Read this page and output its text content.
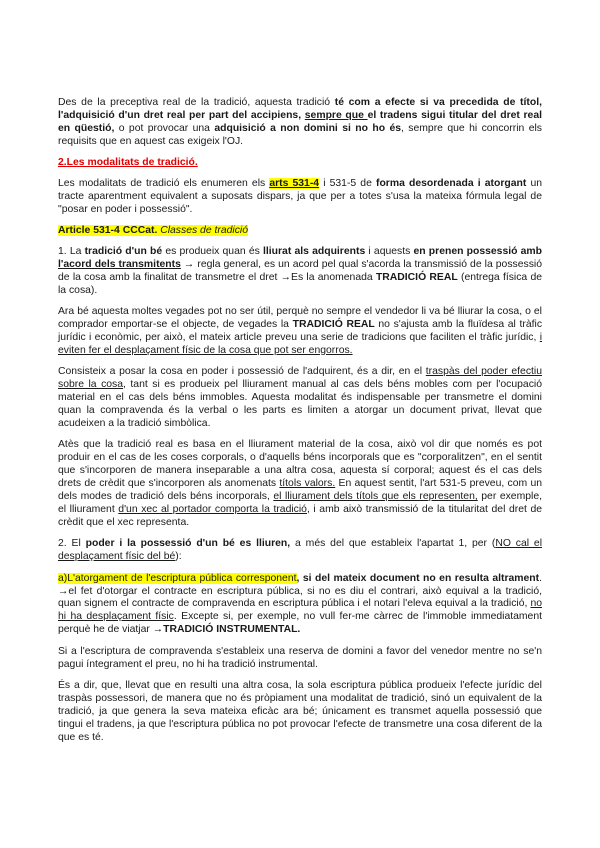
Des de la preceptiva real de la tradició, aquesta tradició té com a efecte si va precedida de títol, l'adquisició d'un dret real per part del accipiens, sempre que el tradens sigui titular del dret real en qüestió, o pot provocar una adquisició a non domini si no ho és, sempre que hi concorrin els requisits que en aquest cas exigeix l'OJ.

2.Les modalitats de tradició.

Les modalitats de tradició els enumeren els arts 531-4 i 531-5 de forma desordenada i atorgant un tracte aparentment equivalent a suposats dispars, ja que per a totes s'usa la mateixa fórmula legal de "posar en poder i possessió".

Article 531-4 CCCat. Classes de tradició

1. La tradició d'un bé es produeix quan és lliurat als adquirents i aquests en prenen possessió amb l'acord dels transmitents → regla general, es un acord pel qual s'acorda la transmissió de la possessió de la cosa amb la finalitat de transmetre el dret →Es la anomenada TRADICIÓ REAL (entrega física de la cosa).

Ara bé aquesta moltes vegades pot no ser útil, perquè no sempre el vendedor li va bé lliurar la cosa, o el comprador emportar-se el objecte, de vegades la TRADICIÓ REAL no s'ajusta amb la fluïdesa al tràfic jurídic i econòmic, per això, el mateix article preveu una serie de tradicions que faciliten el tràfic jurídic, i eviten fer el desplaçament físic de la cosa que pot ser engorros.

Consisteix a posar la cosa en poder i possessió de l'adquirent, és a dir, en el traspàs del poder efectiu sobre la cosa, tant si es produeix pel lliurament manual al cas dels béns mobles com per l'ocupació material en el cas dels béns immobles. Aquesta modalitat és indispensable per transmetre el domini quan la compravenda és la verbal o les parts es limiten a atorgar un document privat, llevat que acudeixen a la tradició simbòlica.

Atès que la tradició real es basa en el lliurament material de la cosa, això vol dir que només es pot produir en el cas de les coses corporals, o d'aquells béns incorporals que es "corporalitzen", en el sentit que s'incorporen de manera inseparable a una altra cosa, aquesta sí corporal; aquest és el cas dels drets de crèdit que s'incorporen als anomenats títols valors. En aquest sentit, l'art 531-5 preveu, com un dels modes de tradició dels béns incorporals, el lliurament dels títols que els representen, per exemple, el lliurament d'un xec al portador comporta la tradició, i amb això transmissió de la titularitat del dret de crèdit que el xec representa.

2. El poder i la possessió d'un bé es lliuren, a més del que estableix l'apartat 1, per (NO cal el desplaçament físic del bé):

a)L'atorgament de l'escriptura pública corresponent, si del mateix document no en resulta altrament. →el fet d'otorgar el contracte en escriptura pública, si no es diu el contrari, això equival a la tradició, quan signem el contracte de compravenda en escriptura pública i el notari l'eleva equival a la tradició, no hi ha desplaçament físic. Excepte si, per exemple, no vull fer-me càrrec de l'immoble immediatament perquè he de viatjar →TRADICIÓ INSTRUMENTAL.

Si a l'escriptura de compravenda s'estableix una reserva de domini a favor del venedor mentre no se'n pagui íntegrament el preu, no hi ha tradició instrumental.

És a dir, que, llevat que en resulti una altra cosa, la sola escriptura pública produeix l'efecte jurídic del traspàs possessori, de manera que no és pròpiament una modalitat de tradició, sinó un equivalent de la tradició, ja que genera la seva mateixa eficàc ara bé; únicament es transmet aquella possessió que tingui el tradens, ja que l'escriptura pública no pot provocar l'efecte de transmetre una cosa diferent de la que es té.
